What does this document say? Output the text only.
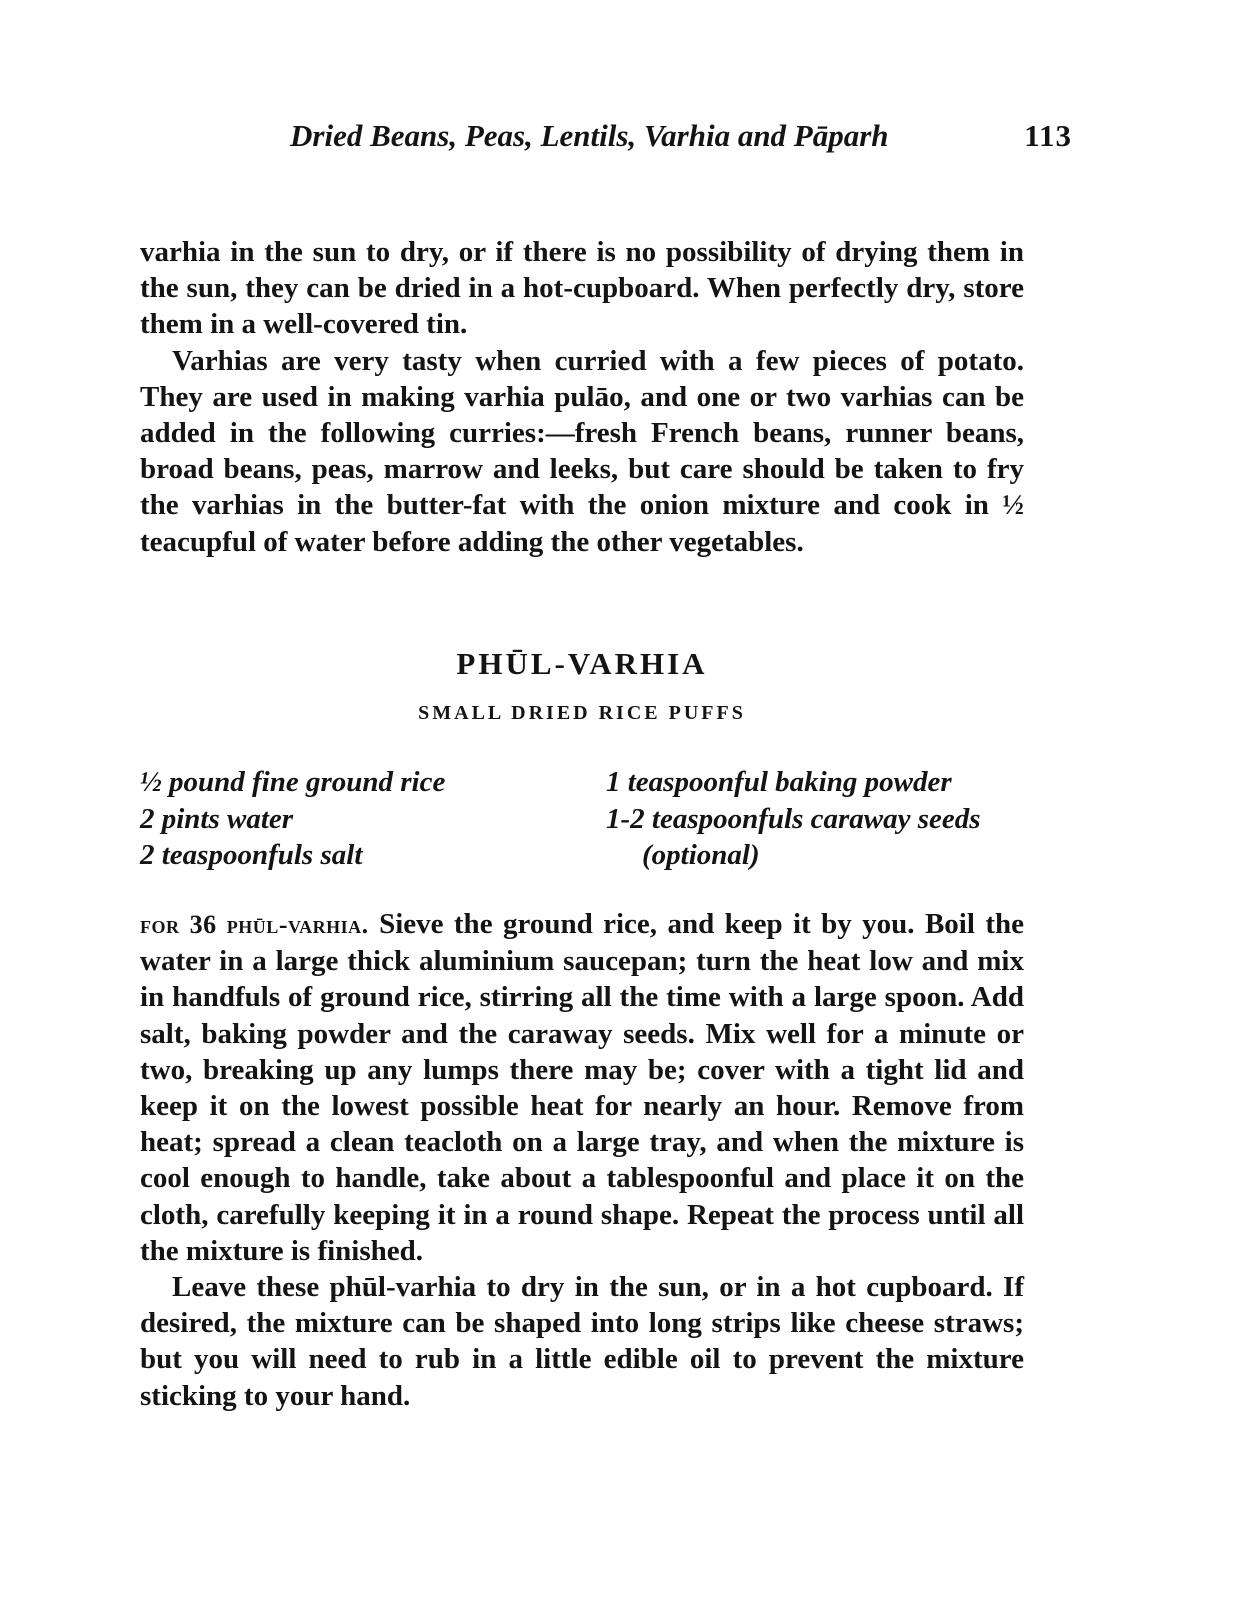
Dried Beans, Peas, Lentils, Varhia and Pāparh	113

varhia in the sun to dry, or if there is no possibility of drying them in the sun, they can be dried in a hot-cupboard. When perfectly dry, store them in a well-covered tin.

Varhias are very tasty when curried with a few pieces of potato. They are used in making varhia pulāo, and one or two varhias can be added in the following curries:—fresh French beans, runner beans, broad beans, peas, marrow and leeks, but care should be taken to fry the varhias in the butter-fat with the onion mixture and cook in ½ teacupful of water before adding the other vegetables.

PHŪL-VARHIA
SMALL DRIED RICE PUFFS
½ pound fine ground rice
2 pints water
2 teaspoonfuls salt
1 teaspoonful baking powder
1-2 teaspoonfuls caraway seeds
(optional)

for 36 phūl-varhia. Sieve the ground rice, and keep it by you. Boil the water in a large thick aluminium saucepan; turn the heat low and mix in handfuls of ground rice, stirring all the time with a large spoon. Add salt, baking powder and the caraway seeds. Mix well for a minute or two, breaking up any lumps there may be; cover with a tight lid and keep it on the lowest possible heat for nearly an hour. Remove from heat; spread a clean teacloth on a large tray, and when the mixture is cool enough to handle, take about a tablespoonful and place it on the cloth, carefully keeping it in a round shape. Repeat the process until all the mixture is finished.

Leave these phūl-varhia to dry in the sun, or in a hot cupboard. If desired, the mixture can be shaped into long strips like cheese straws; but you will need to rub in a little edible oil to prevent the mixture sticking to your hand.
